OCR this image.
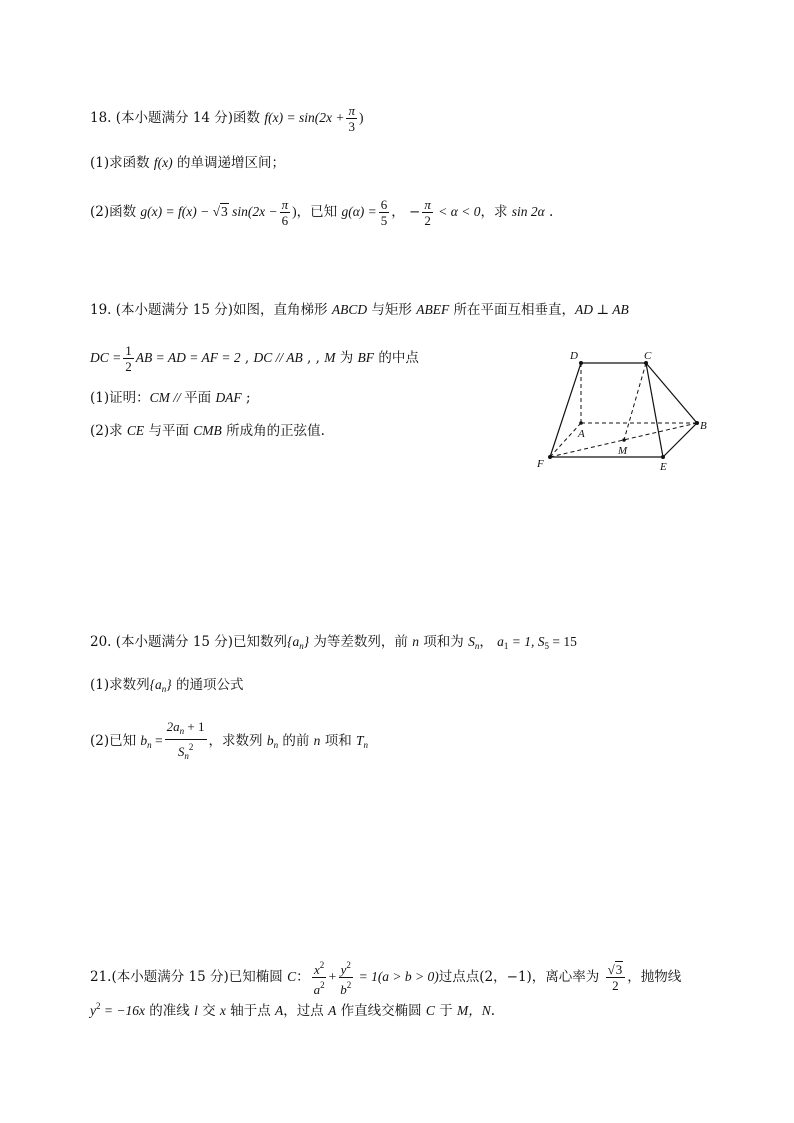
18. (本小题满分 14 分)函数 $f(x) = \sin(2x + \frac{\pi}{3}$ )
(1)求函数 f(x) 的单调递增区间；
(2)函数 g(x) = f(x) − √3 $\sin(2x - \frac{\pi}{6}$ )，已知 $g(\alpha) = \frac{6}{5}$ ， − $\frac{\pi}{2} < \alpha < 0$，求 sin 2α .
19. (本小题满分 15 分)如图，直角梯形 ABCD 与矩形 ABEF 所在平面互相垂直，AD ⊥ AB
DC = $\frac{1}{2}$ AB = AD = AF = 2 , DC // AB , , M 为 BF 的中点
(1)证明：CM // 平面 DAF ;
(2)求 CE 与平面 CMB 所成角的正弦值.
D	C
A
M
B
F	E
20. (本小题满分 15 分)已知数列$\{a_n\}$ 为等差数列，前 n 项和为 $S_n$， $a_1 = 1$, $S_5 = 15$
(1)求数列$\{a_n\}$ 的通项公式
(2)已知 $b_n = \frac{2a_n + 1}{S_n^2}$ ，求数列 $b_n$ 的前 n 项和 $T_n$
21.(本小题满分 15 分)已知椭圆 C： $\frac{x^2}{a^2} + \frac{y^2}{b^2} = 1(a > b > 0)$过点点(2，−1)，离心率为 $\frac{√3}{2}$ ，抛物线
$y^2 = -16x$ 的准线 l 交 x 轴于点 A，过点 A 作直线交椭圆 C 于 M，N.
